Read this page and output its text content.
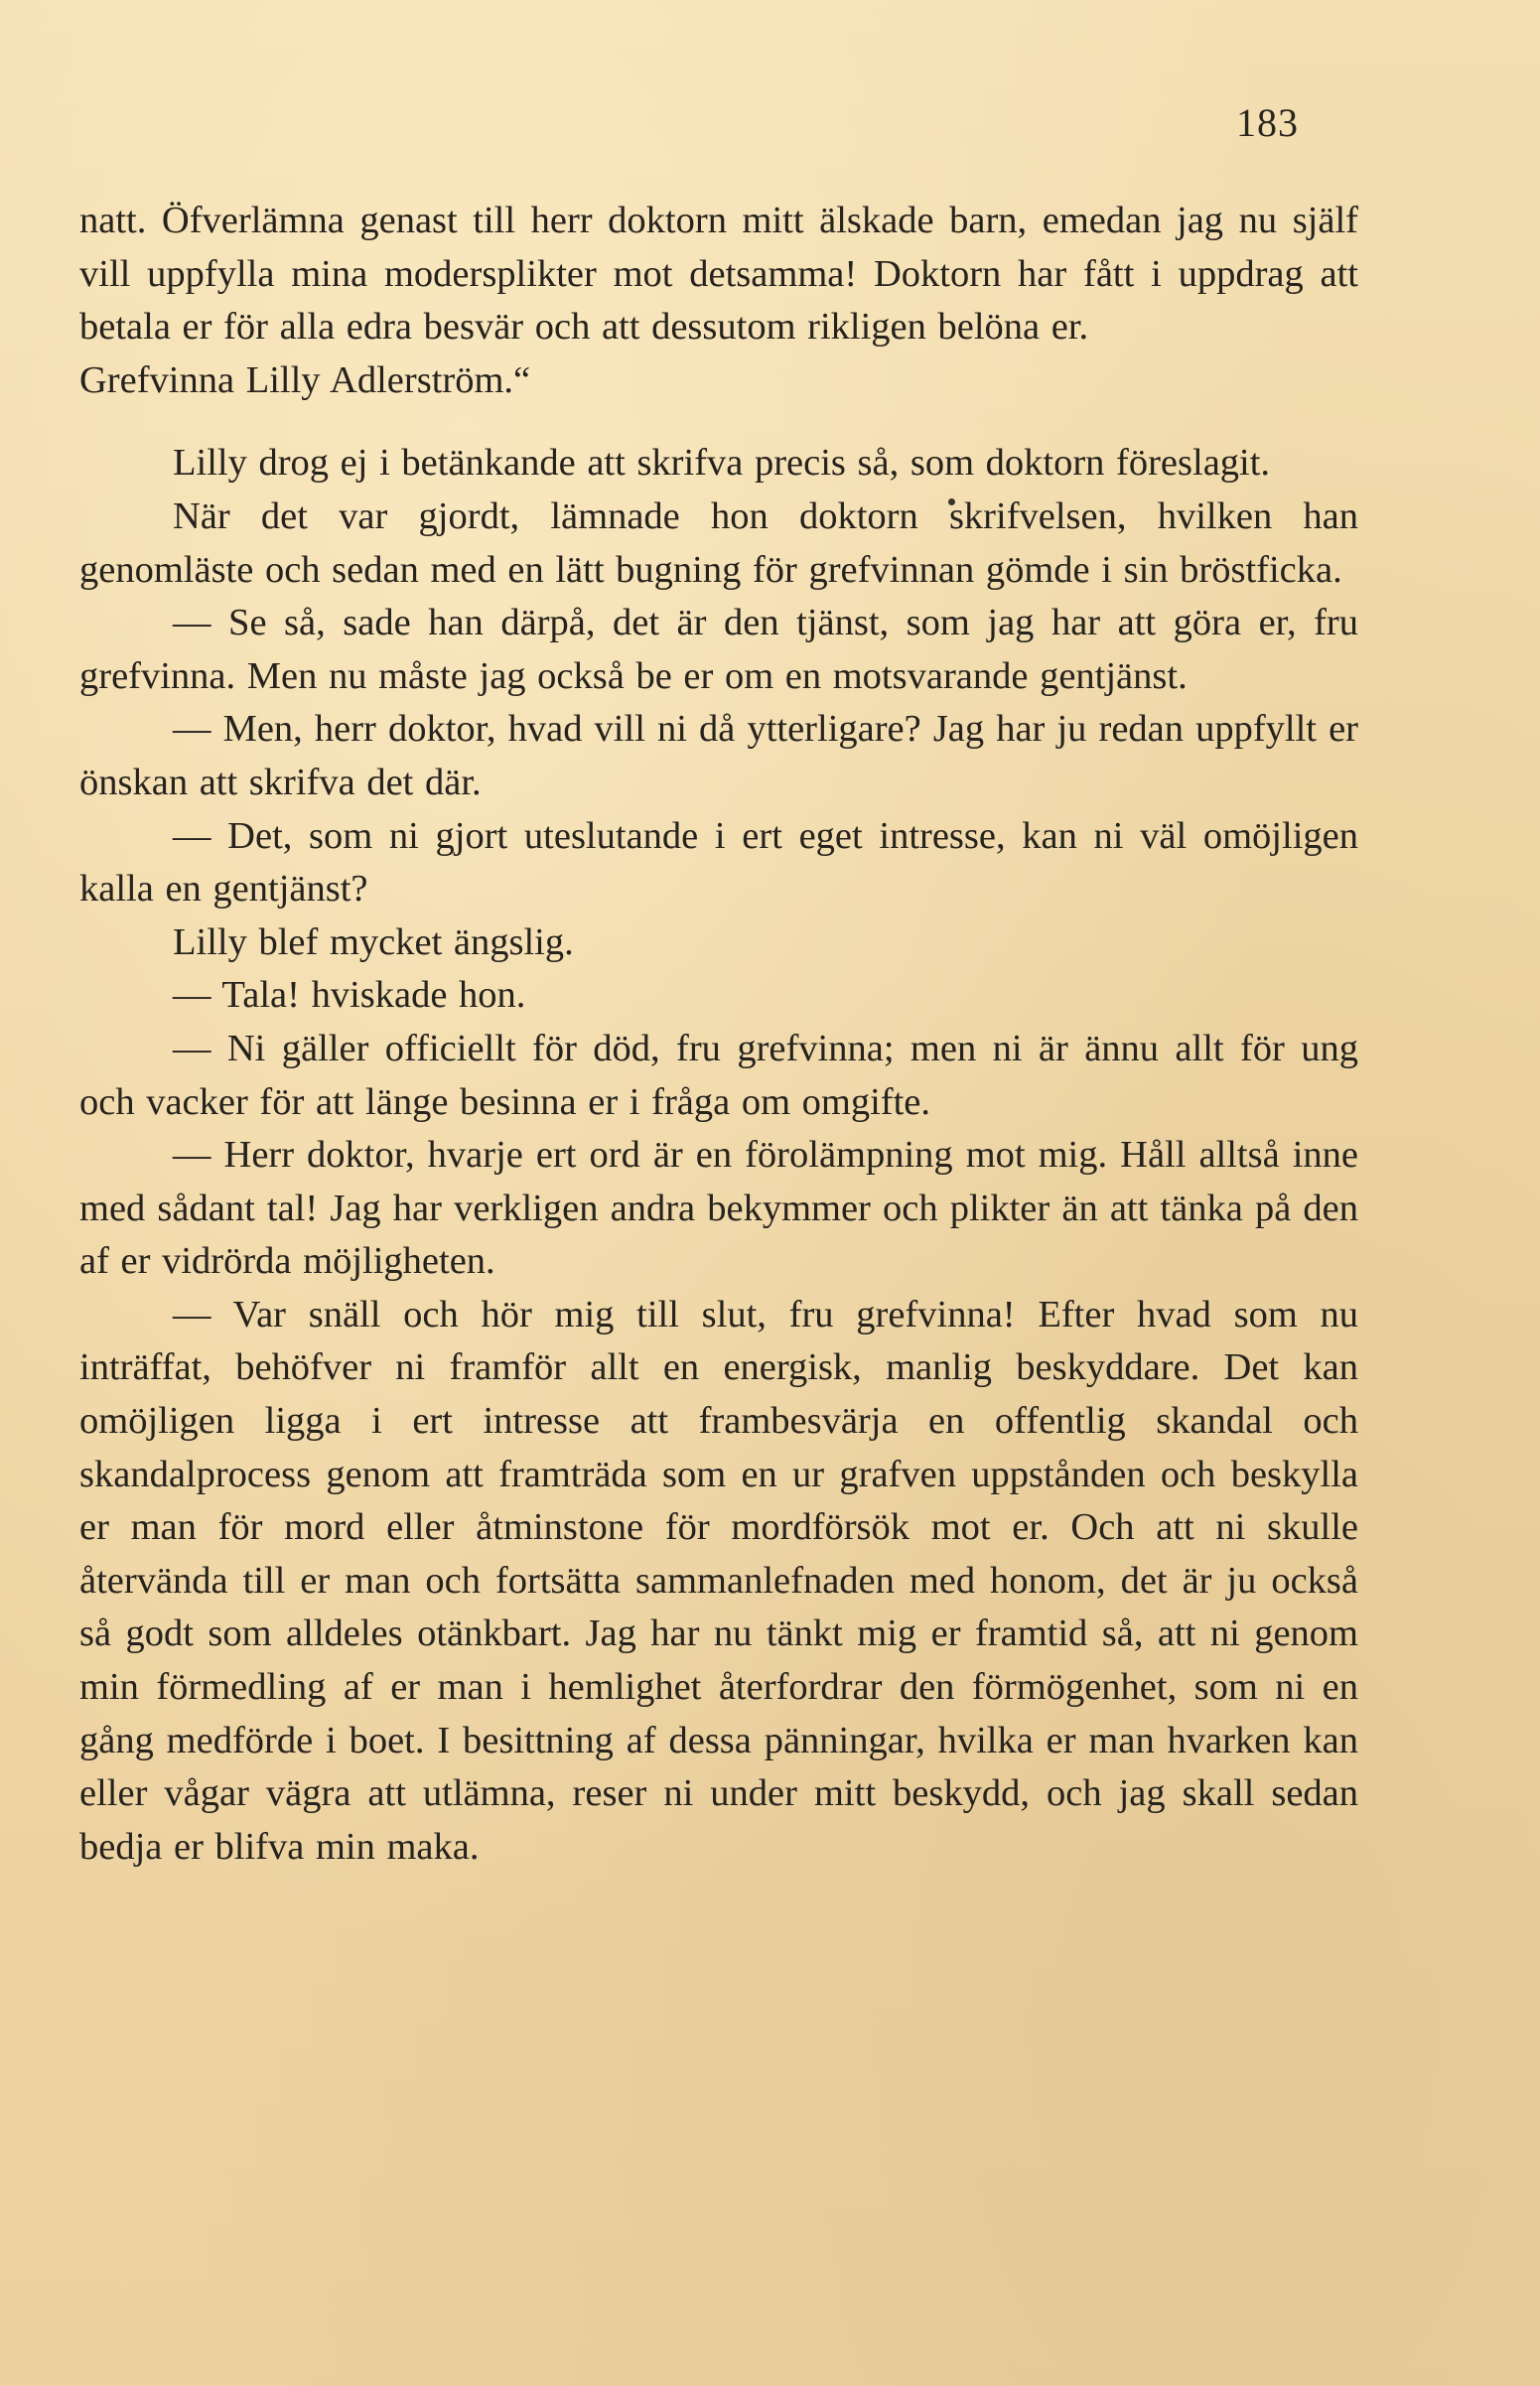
183

natt. Öfverlämna genast till herr doktorn mitt älskade barn, emedan jag nu själf vill uppfylla mina modersplikter mot detsamma! Doktorn har fått i uppdrag att betala er för alla edra besvär och att dessutom rikligen belöna er.

Grefvinna Lilly Adlerström.“

Lilly drog ej i betänkande att skrifva precis så, som doktorn föreslagit.

När det var gjordt, lämnade hon doktorn skrifvelsen, hvilken han genomläste och sedan med en lätt bugning för grefvinnan gömde i sin bröstficka.

— Se så, sade han därpå, det är den tjänst, som jag har att göra er, fru grefvinna. Men nu måste jag också be er om en motsvarande gentjänst.

— Men, herr doktor, hvad vill ni då ytterligare? Jag har ju redan uppfyllt er önskan att skrifva det där.

— Det, som ni gjort uteslutande i ert eget intresse, kan ni väl omöjligen kalla en gentjänst?

Lilly blef mycket ängslig.

— Tala! hviskade hon.

— Ni gäller officiellt för död, fru grefvinna; men ni är ännu allt för ung och vacker för att länge besinna er i fråga om omgifte.

— Herr doktor, hvarje ert ord är en förolämpning mot mig. Håll alltså inne med sådant tal! Jag har verkligen andra bekymmer och plikter än att tänka på den af er vidrörda möjligheten.

— Var snäll och hör mig till slut, fru grefvinna! Efter hvad som nu inträffat, behöfver ni framför allt en energisk, manlig beskyddare. Det kan omöjligen ligga i ert intresse att frambesvärja en offentlig skandal och skandalprocess genom att framträda som en ur grafven uppstånden och beskylla er man för mord eller åtminstone för mordförsök mot er. Och att ni skulle återvända till er man och fortsätta sammanlefnaden med honom, det är ju också så godt som alldeles otänkbart. Jag har nu tänkt mig er framtid så, att ni genom min förmedling af er man i hemlighet återfordrar den förmögenhet, som ni en gång medförde i boet. I besittning af dessa pänningar, hvilka er man hvarken kan eller vågar vägra att utlämna, reser ni under mitt beskydd, och jag skall sedan bedja er blifva min maka.
